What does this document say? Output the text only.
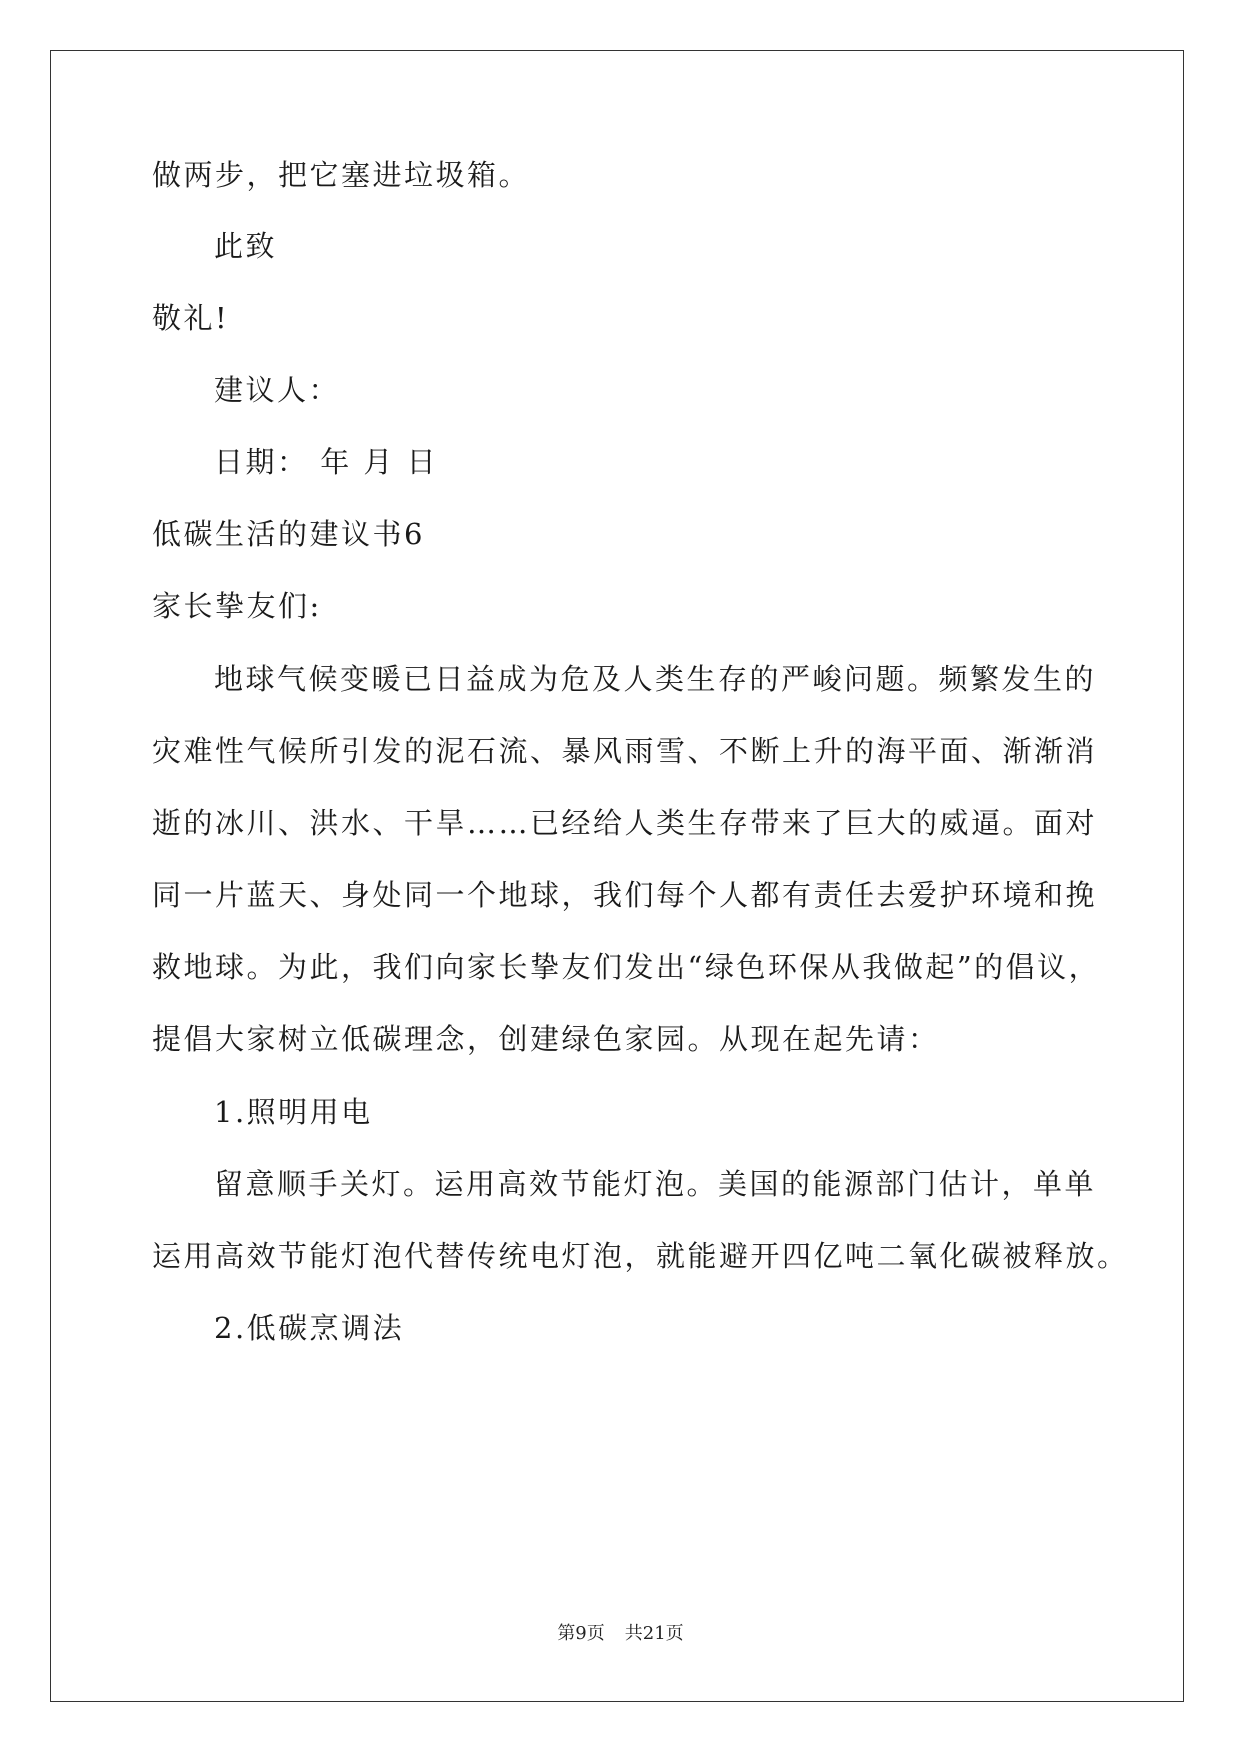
做两步，把它塞进垃圾箱。
此致
敬礼!
建议人：
日期： 年 月 日
低碳生活的建议书6
家长挚友们:
地球气候变暖已日益成为危及人类生存的严峻问题。频繁发生的
灾难性气候所引发的泥石流、暴风雨雪、不断上升的海平面、渐渐消
逝的冰川、洪水、干旱……已经给人类生存带来了巨大的威逼。面对
同一片蓝天、身处同一个地球，我们每个人都有责任去爱护环境和挽
救地球。为此，我们向家长挚友们发出“绿色环保从我做起”的倡议，
提倡大家树立低碳理念，创建绿色家园。从现在起先请：
1.照明用电
留意顺手关灯。运用高效节能灯泡。美国的能源部门估计，单单
运用高效节能灯泡代替传统电灯泡，就能避开四亿吨二氧化碳被释放。
2.低碳烹调法
第9页 共21页
